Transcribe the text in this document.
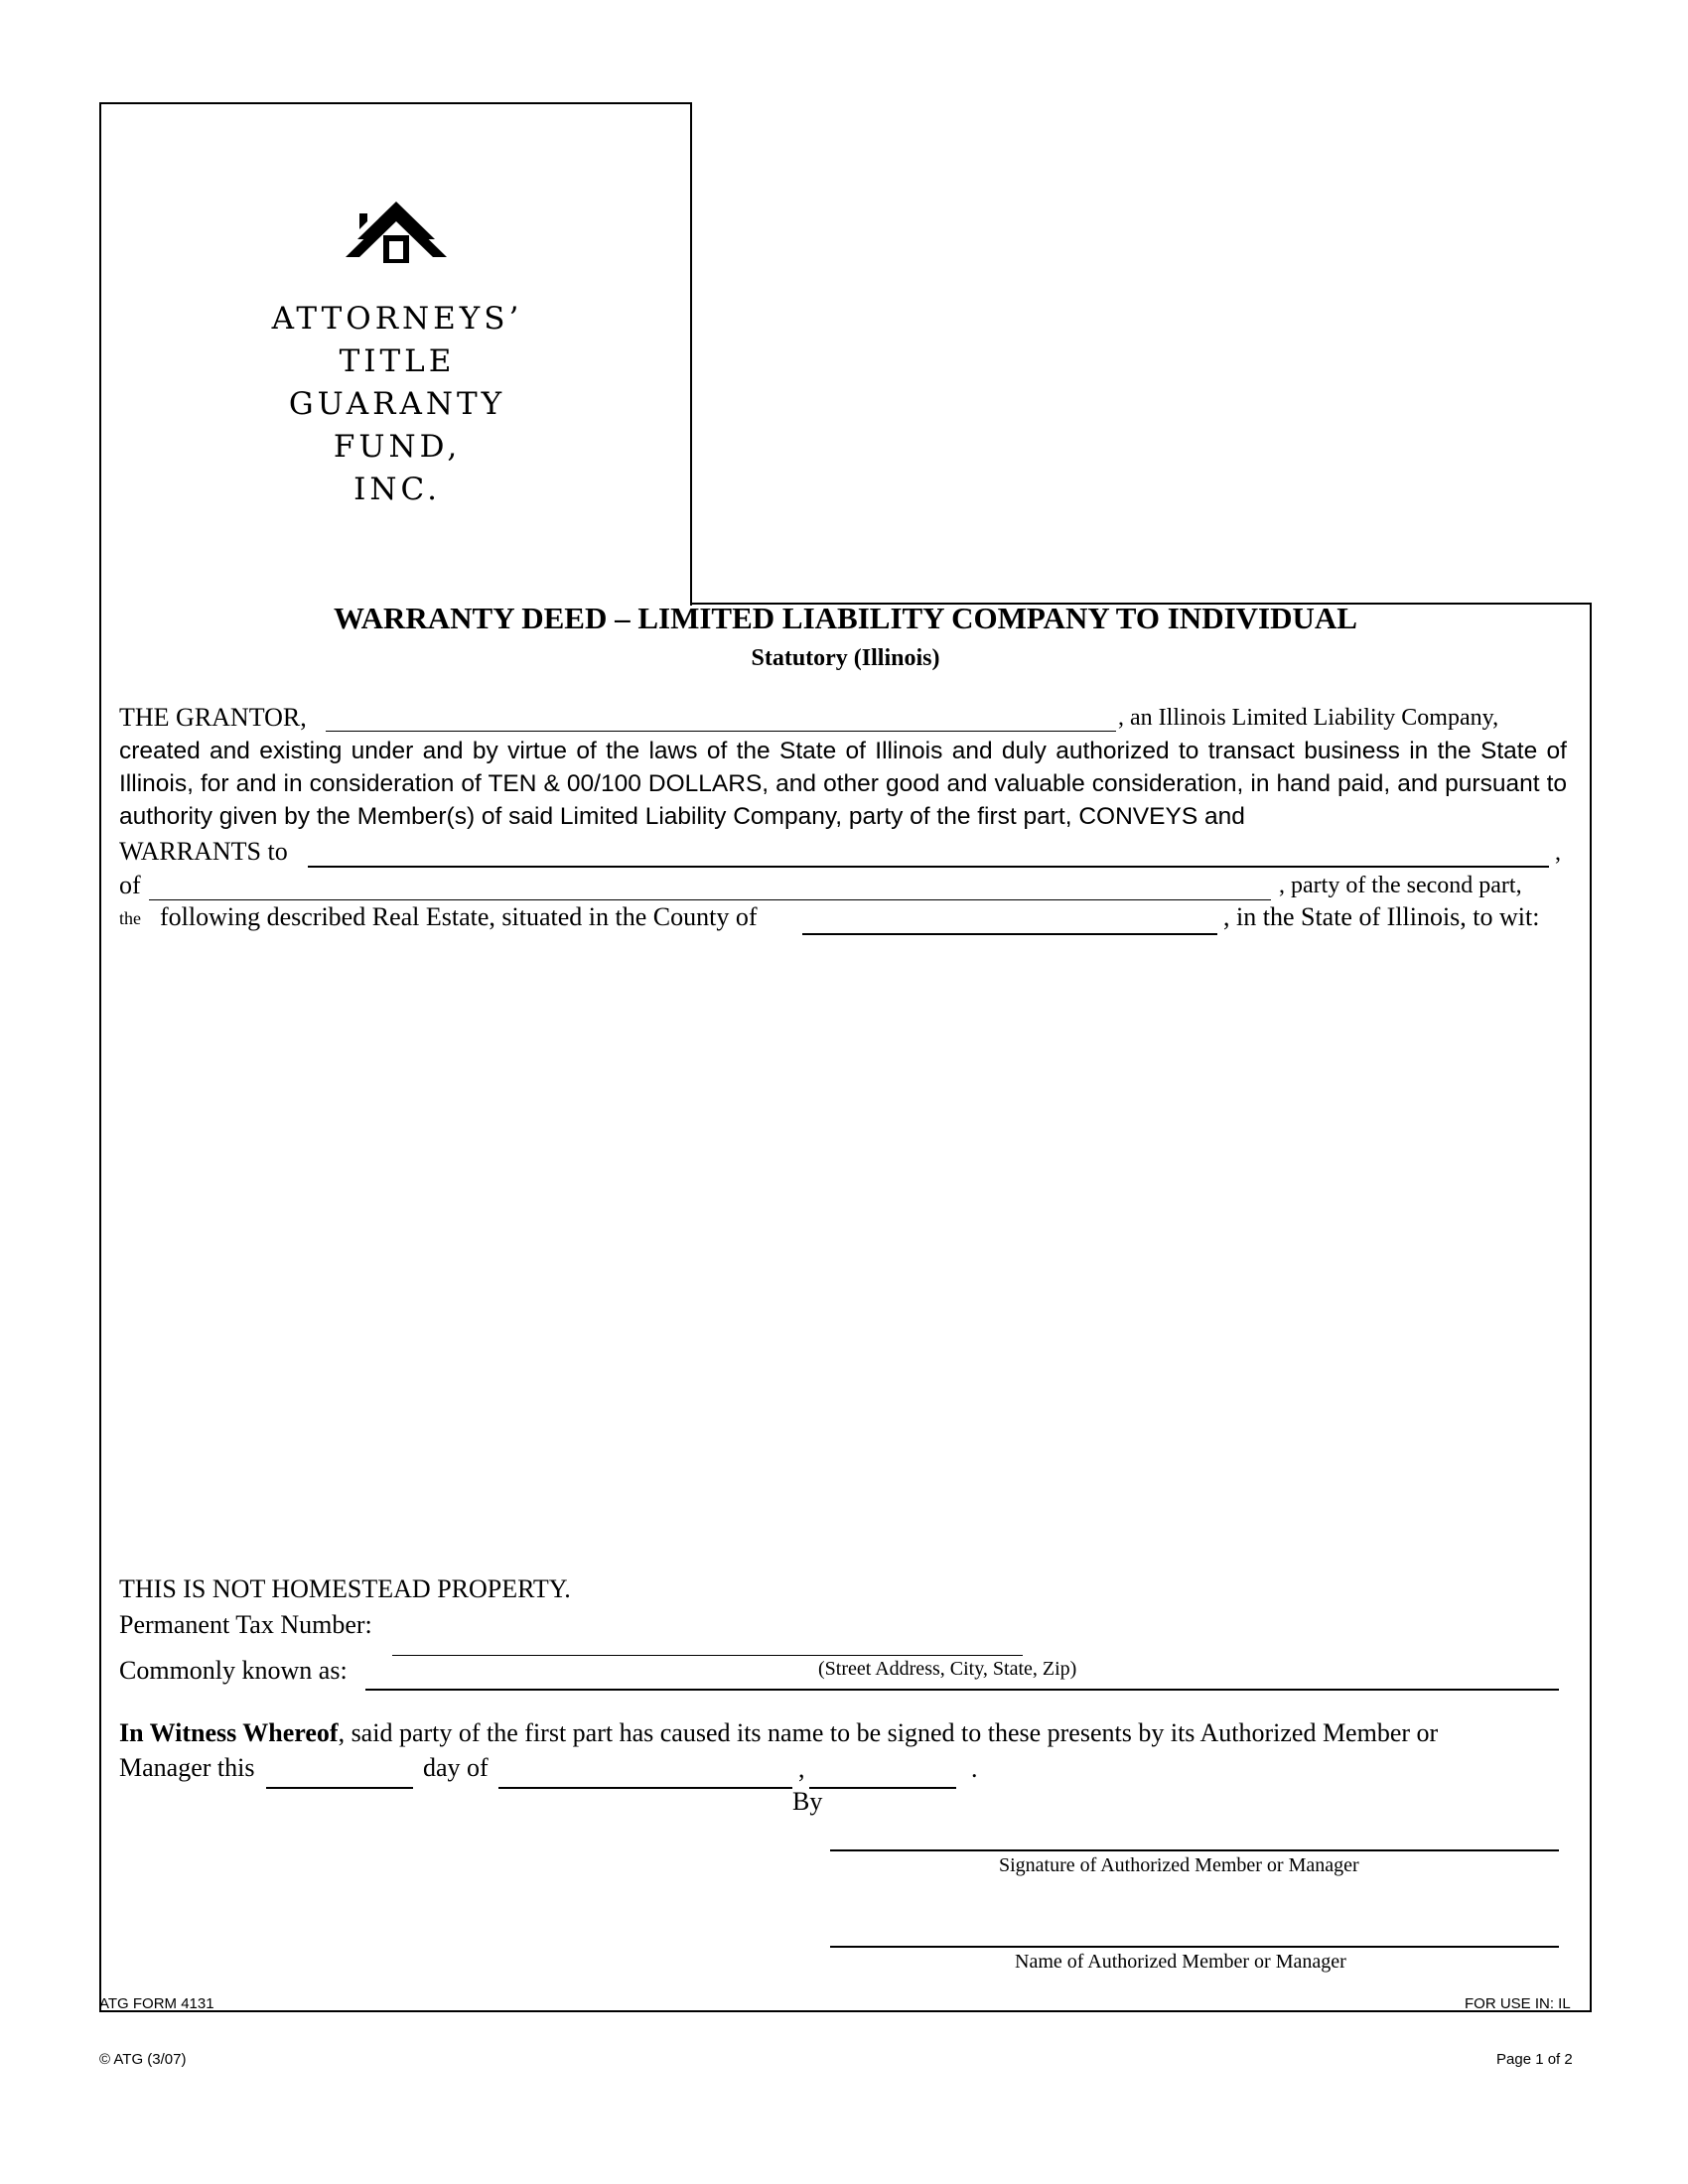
ATTORNEYS’
TITLE
GUARANTY
FUND,
INC.
WARRANTY DEED – LIMITED LIABILITY COMPANY TO INDIVIDUAL
Statutory (Illinois)
THE GRANTOR,	, an Illinois Limited Liability Company,
created and existing under and by virtue of the laws of the State of Illinois and duly authorized to transact business in the State of Illinois, for and in consideration of TEN & 00/100 DOLLARS, and other good and valuable consideration, in hand paid, and pursuant to authority given by the Member(s) of said Limited Liability Company, party of the first part, CONVEYS and
WARRANTS to	,
of	, party of the second part,
the following described Real Estate, situated in the County of	, in the State of Illinois, to wit:
THIS IS NOT HOMESTEAD PROPERTY.
Permanent Tax Number:
Commonly known as:	(Street Address, City, State, Zip)
In Witness Whereof, said party of the first part has caused its name to be signed to these presents by its Authorized Member or
Manager this	day of	,	.
By
Signature of Authorized Member or Manager
Name of Authorized Member or Manager
ATG FORM 4131	FOR USE IN: IL
© ATG (3/07)	Page 1 of 2
